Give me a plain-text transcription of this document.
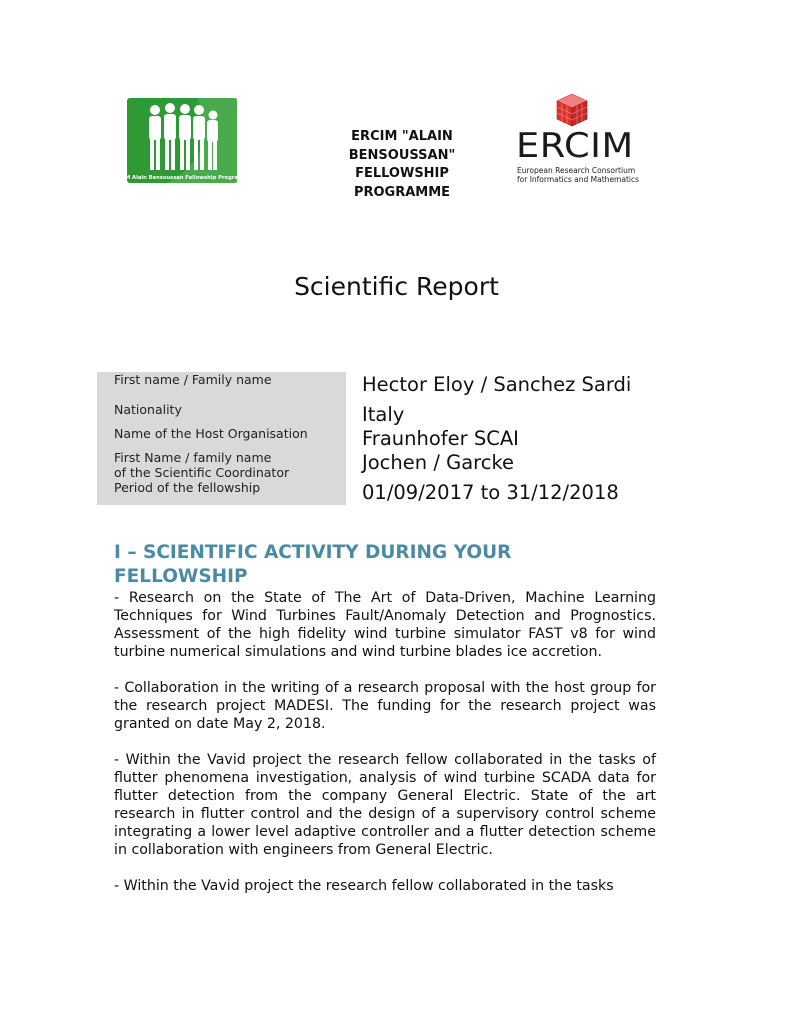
ERCIM Alain Bensoussan Fellowship Programme
ERCIM "ALAIN
BENSOUSSAN"
FELLOWSHIP
PROGRAMME
ERCIM
European Research Consortium
for Informatics and Mathematics
Scientific Report
First name / Family name
Nationality
Name of the Host Organisation
First Name / family name
of the Scientific Coordinator
Period of the fellowship
Hector Eloy / Sanchez Sardi
Italy
Fraunhofer SCAI
Jochen / Garcke
01/09/2017 to 31/12/2018
I – SCIENTIFIC ACTIVITY DURING YOUR FELLOWSHIP

- Research on the State of The Art of Data-Driven, Machine Learning Techniques for Wind Turbines Fault/Anomaly Detection and Prognostics. Assessment of the high fidelity wind turbine simulator FAST v8 for wind turbine numerical simulations and wind turbine blades ice accretion.

- Collaboration in the writing of a research proposal with the host group for the research project MADESI. The funding for the research project was granted on date May 2, 2018.

- Within the Vavid project the research fellow collaborated in the tasks of flutter phenomena investigation, analysis of wind turbine SCADA data for flutter detection from the company General Electric. State of the art research in flutter control and the design of a supervisory control scheme integrating a lower level adaptive controller and a flutter detection scheme in collaboration with engineers from General Electric.

- Within the Vavid project the research fellow collaborated in the tasks
